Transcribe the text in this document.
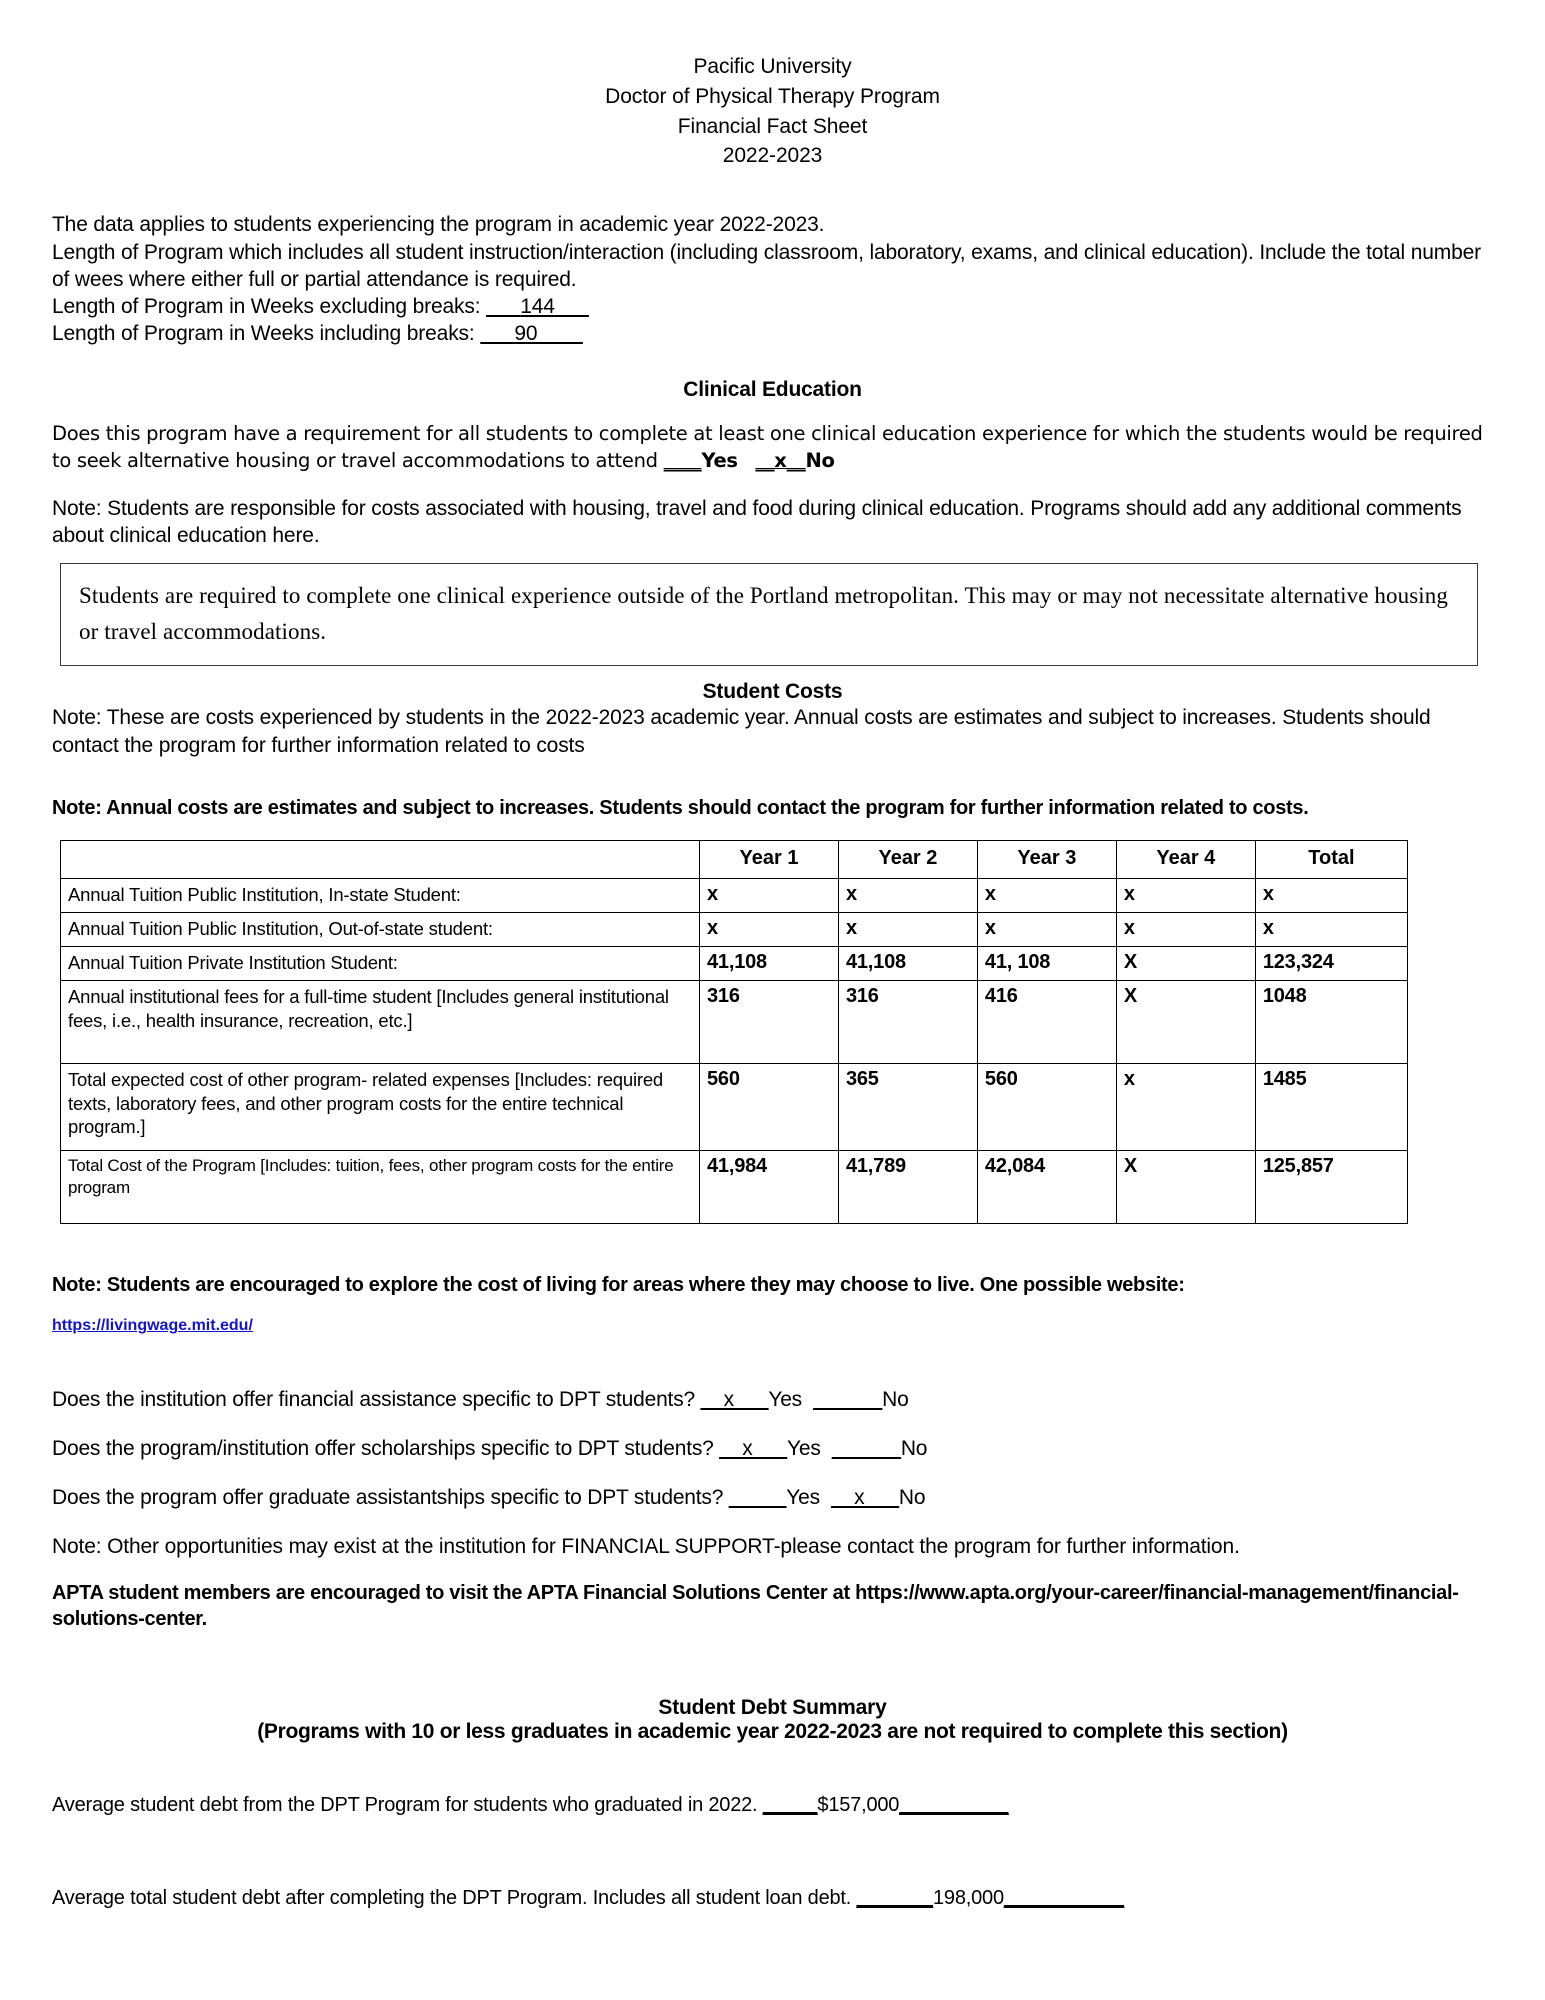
Pacific University
Doctor of Physical Therapy Program
Financial Fact Sheet
2022-2023

The data applies to students experiencing the program in academic year 2022-2023.

Length of Program which includes all student instruction/interaction (including classroom, laboratory, exams, and clinical education). Include the total number of wees where either full or partial attendance is required.

Length of Program in Weeks excluding breaks: 144

Length of Program in Weeks including breaks: 90

Clinical Education

Does this program have a requirement for all students to complete at least one clinical education experience for which the students would be required to seek alternative housing or travel accommodations to attend ____Yes __x__No

Note: Students are responsible for costs associated with housing, travel and food during clinical education. Programs should add any additional comments about clinical education here.

Students are required to complete one clinical experience outside of the Portland metropolitan. This may or may not necessitate alternative housing or travel accommodations.

Student Costs

Note: These are costs experienced by students in the 2022-2023 academic year. Annual costs are estimates and subject to increases. Students should contact the program for further information related to costs

Note: Annual costs are estimates and subject to increases. Students should contact the program for further information related to costs.

	Year 1	Year 2	Year 3	Year 4	Total
Annual Tuition Public Institution, In-state Student:	x	x	x	x	x
Annual Tuition Public Institution, Out-of-state student:	x	x	x	x	x
Annual Tuition Private Institution Student:	41,108	41,108	41, 108	X	123,324
Annual institutional fees for a full-time student [Includes general institutional fees, i.e., health insurance, recreation, etc.]	316	316	416	X	1048
Total expected cost of other program- related expenses [Includes: required texts, laboratory fees, and other program costs for the entire technical program.]	560	365	560	x	1485
Total Cost of the Program [Includes: tuition, fees, other program costs for the entire program	41,984	41,789	42,084	X	125,857

Note: Students are encouraged to explore the cost of living for areas where they may choose to live. One possible website:

https://livingwage.mit.edu/

Does the institution offer financial assistance specific to DPT students? __x___Yes ______No

Does the program/institution offer scholarships specific to DPT students? __x___Yes ______No

Does the program offer graduate assistantships specific to DPT students? _____Yes __x___No

Note: Other opportunities may exist at the institution for FINANCIAL SUPPORT-please contact the program for further information.

APTA student members are encouraged to visit the APTA Financial Solutions Center at https://www.apta.org/your-career/financial-management/financial-solutions-center.

Student Debt Summary
(Programs with 10 or less graduates in academic year 2022-2023 are not required to complete this section)

Average student debt from the DPT Program for students who graduated in 2022. _____$157,000__________

Average total student debt after completing the DPT Program. Includes all student loan debt. _______198,000___________
